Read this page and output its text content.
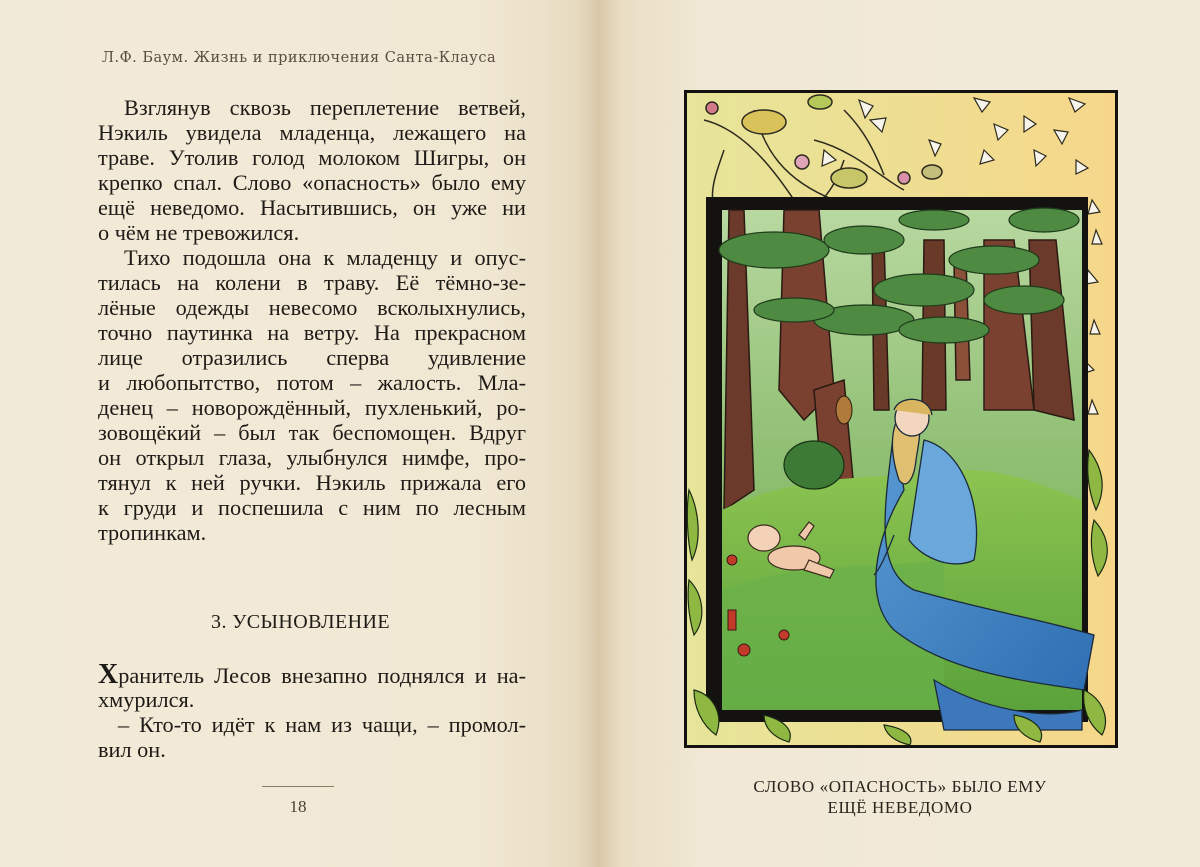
Л.Ф. Баум. Жизнь и приключения Санта-Клауса
Взглянув сквозь переплетение ветвей,
Нэкиль увидела младенца, лежащего на
траве. Утолив голод молоком Шигры, он
крепко спал. Слово «опасность» было ему
ещё неведомо. Насытившись, он уже ни
о чём не тревожился.
Тихо подошла она к младенцу и опус-
тилась на колени в траву. Её тёмно-зе-
лёные одежды невесомо всколыхнулись,
точно паутинка на ветру. На прекрасном
лице отразились сперва удивление
и любопытство, потом – жалость. Мла-
денец – новорождённый, пухленький, ро-
зовощёкий – был так беспомощен. Вдруг
он открыл глаза, улыбнулся нимфе, про-
тянул к ней ручки. Нэкиль прижала его
к груди и поспешила с ним по лесным
тропинкам.
3. УСЫНОВЛЕНИЕ
Хранитель Лесов внезапно поднялся и на-
хмурился.
– Кто-то идёт к нам из чащи, – промол-
вил он.
18
СЛОВО «ОПАСНОСТЬ» БЫЛО ЕМУ
ЕЩЁ НЕВЕДОМО
